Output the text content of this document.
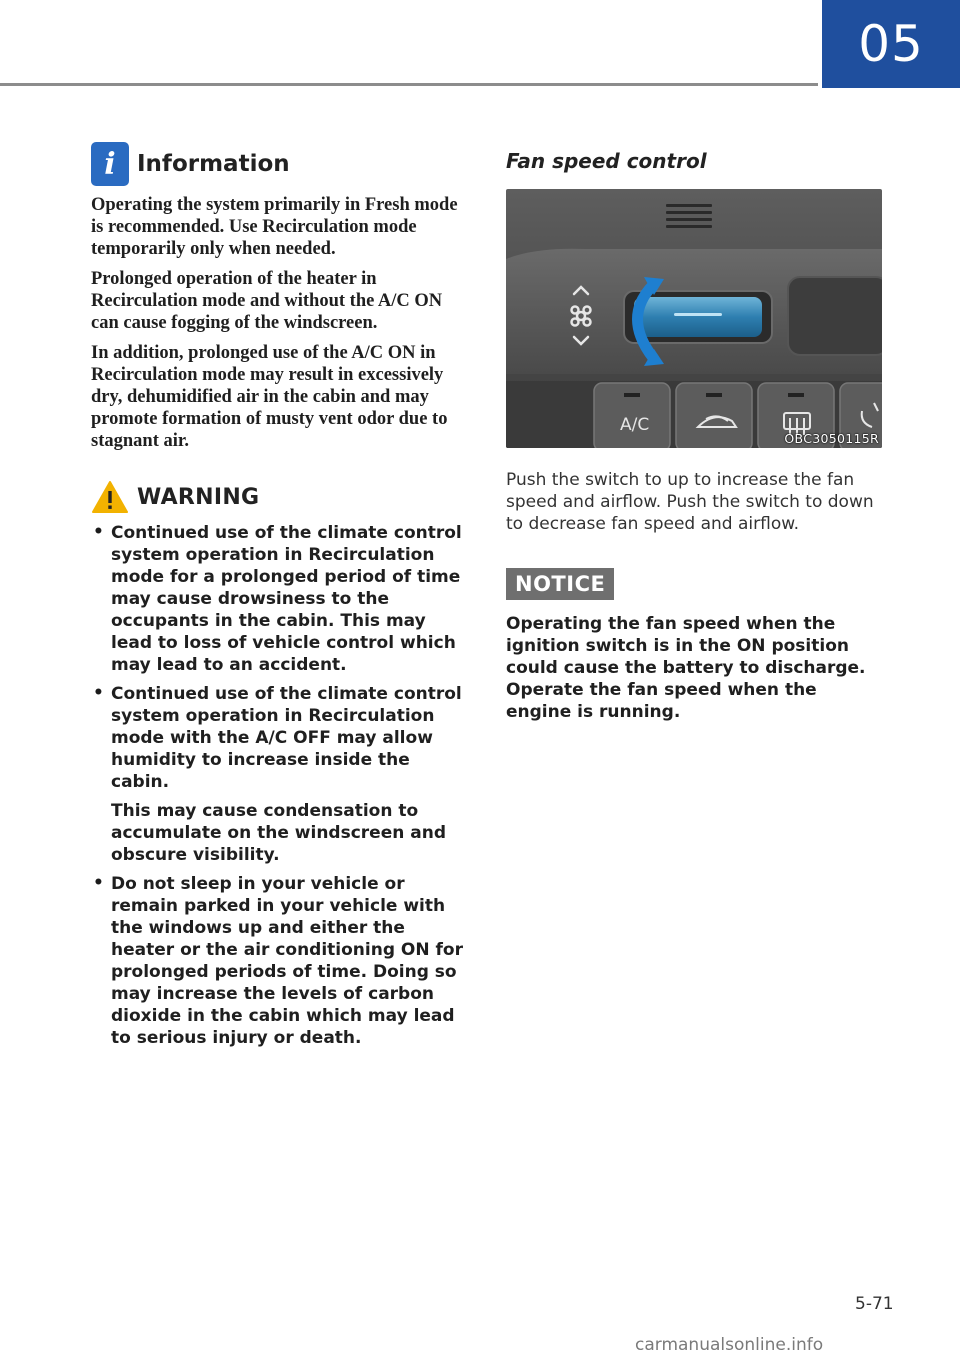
05
i Information

Operating the system primarily in Fresh mode is recommended. Use Recirculation mode temporarily only when needed.

Prolonged operation of the heater in Recirculation mode and without the A/C ON can cause fogging of the windscreen.

In addition, prolonged use of the A/C ON in Recirculation mode may result in excessively dry, dehumidified air in the cabin and may promote formation of musty vent odor due to stagnant air.

WARNING

• Continued use of the climate control system operation in Recirculation mode for a prolonged period of time may cause drowsiness to the occupants in the cabin. This may lead to loss of vehicle control which may lead to an accident.

• Continued use of the climate control system operation in Recirculation mode with the A/C OFF may allow humidity to increase inside the cabin.

This may cause condensation to accumulate on the windscreen and obscure visibility.

• Do not sleep in your vehicle or remain parked in your vehicle with the windows up and either the heater or the air conditioning ON for prolonged periods of time. Doing so may increase the levels of carbon dioxide in the cabin which may lead to serious injury or death.

Fan speed control
A/C
OBC3050115R

Push the switch to up to increase the fan speed and airflow. Push the switch to down to decrease fan speed and airflow.

NOTICE

Operating the fan speed when the ignition switch is in the ON position could cause the battery to discharge. Operate the fan speed when the engine is running.

5-71
carmanualsonline.info
